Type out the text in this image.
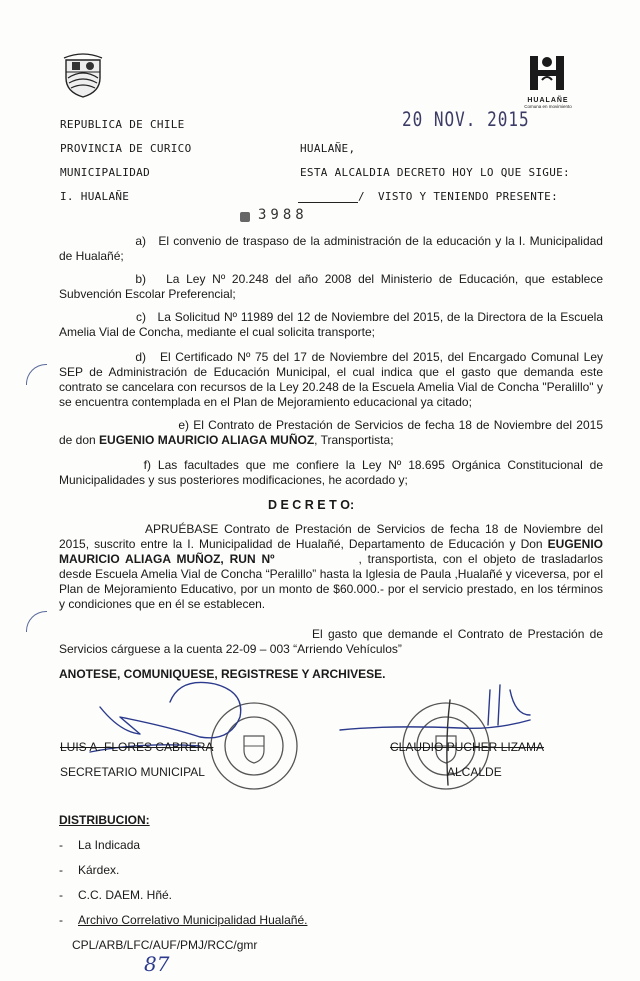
HUALAÑE
Comuna en movimiento
REPUBLICA DE CHILE
PROVINCIA DE CURICO
MUNICIPALIDAD
I. HUALAÑE
20 NOV. 2015
HUALAÑE,
ESTA ALCALDIA DECRETO HOY LO QUE SIGUE:
/ VISTO Y TENIENDO PRESENTE:
3988
a) El convenio de traspaso de la administración de la educación y la I. Municipalidad de Hualañé;
b) La Ley Nº 20.248 del año 2008 del Ministerio de Educación, que establece Subvención Escolar Preferencial;
c) La Solicitud Nº 11989 del 12 de Noviembre del 2015, de la Directora de la Escuela Amelia Vial de Concha, mediante el cual solicita transporte;
d) El Certificado Nº 75 del 17 de Noviembre del 2015, del Encargado Comunal Ley SEP de Administración de Educación Municipal, el cual indica que el gasto que demanda este contrato se cancelara con recursos de la Ley 20.248 de la Escuela Amelia Vial de Concha "Peralillo" y se encuentra contemplada en el Plan de Mejoramiento educacional ya citado;
e) El Contrato de Prestación de Servicios de fecha 18 de Noviembre del 2015 de don EUGENIO MAURICIO ALIAGA MUÑOZ, Transportista;
f) Las facultades que me confiere la Ley Nº 18.695 Orgánica Constitucional de Municipalidades y sus posteriores modificaciones, he acordado y;
D E C R E T O:
APRUÉBASE Contrato de Prestación de Servicios de fecha 18 de Noviembre del 2015, suscrito entre la I. Municipalidad de Hualañé, Departamento de Educación y Don EUGENIO MAURICIO ALIAGA MUÑOZ, RUN Nº	, transportista, con el objeto de trasladarlos desde Escuela Amelia Vial de Concha “Peralillo” hasta la Iglesia de Paula ,Hualañé y viceversa, por el Plan de Mejoramiento Educativo, por un monto de $60.000.- por el servicio prestado, en los términos y condiciones que en él se establecen.
El gasto que demande el Contrato de Prestación de Servicios cárguese a la cuenta 22-09 – 003 “Arriendo Vehículos”
ANOTESE, COMUNIQUESE, REGISTRESE Y ARCHIVESE.
LUIS A. FLORES CABRERA
SECRETARIO MUNICIPAL
CLAUDIO PUCHER LIZAMA
ALCALDE
DISTRIBUCION:
- La Indicada
- Kárdex.
- C.C. DAEM. Hñé.
- Archivo Correlativo Municipalidad Hualañé.
CPL/ARB/LFC/AUF/PMJ/RCC/gmr
87
